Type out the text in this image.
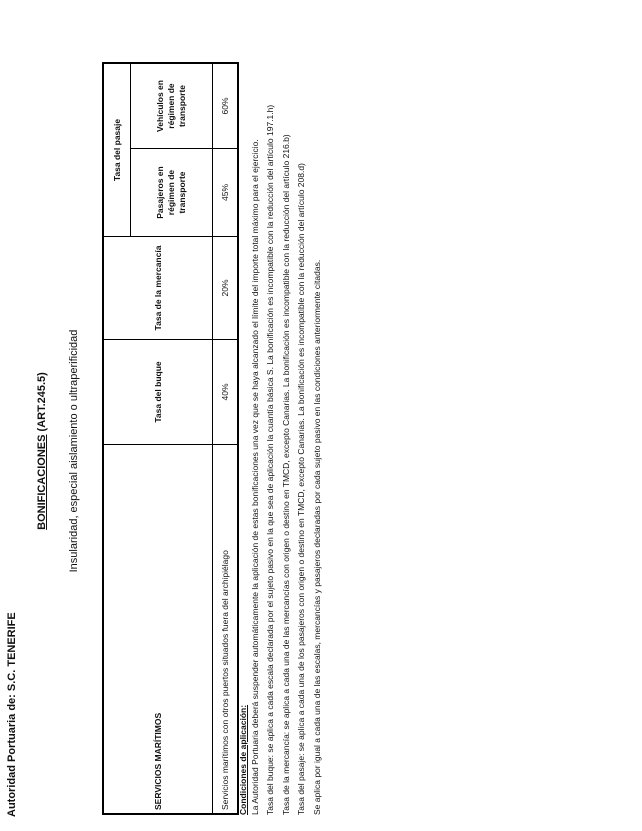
Autoridad Portuaria de: S.C. TENERIFE
BONIFICACIONES (ART.245.5) Insularidad, especial aislamiento o ultraperificidad
SERVICIOS MARÍTIMOS	Tasa del buque	Tasa de la mercancía	Tasa del pasaje	
			Pasajeros en régimen de transporte	Vehículos en régimen de transporte
Servicios marítimos con otros puertos situados fuera del archipiélago	40%	20%	45%	60%
Condiciones de aplicación: La Autoridad Portuaria deberá suspender automáticamente la aplicación de estas bonificaciones una vez que se haya alcanzado el límite del importe total máximo para el ejercicio. Tasa del buque: se aplica a cada escala declarada por el sujeto pasivo en la que sea de aplicación la cuantía básica S. La bonificación es incompatible con la reducción del artículo 197.1.h) Tasa de la mercancía: se aplica a cada una de las mercancías con origen o destino en TMCD, excepto Canarias. La bonificación es incompatible con la reducción del artículo 216.b) Tasa del pasaje: se aplica a cada una de los pasajeros con origen o destino en TMCD, excepto Canarias. La bonificación es incompatible con la reducción del artículo 208.d) Se aplica por igual a cada una de las escalas, mercancías y pasajeros declaradas por cada sujeto pasivo en las condiciones anteriormente citadas.
